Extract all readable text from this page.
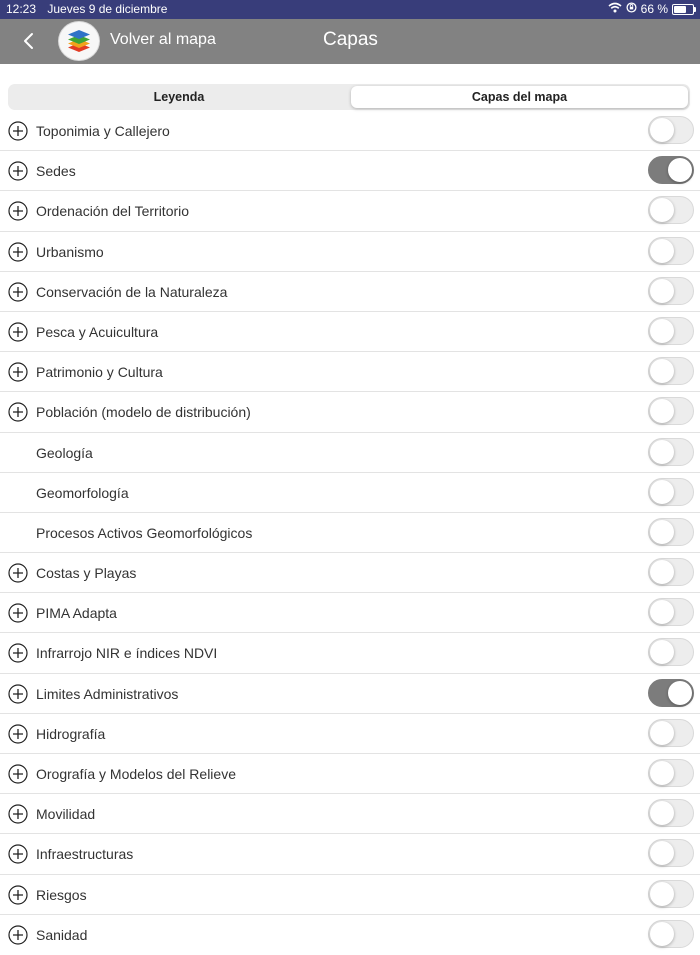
12:23 Jueves 9 de diciembre	66 %
Volver al mapa	Capas
Leyenda	Capas del mapa
Toponimia y Callejero
Sedes
Ordenación del Territorio
Urbanismo
Conservación de la Naturaleza
Pesca y Acuicultura
Patrimonio y Cultura
Población (modelo de distribución)
Geología
Geomorfología
Procesos Activos Geomorfológicos
Costas y Playas
PIMA Adapta
Infrarrojo NIR e índices NDVI
Limites Administrativos
Hidrografía
Orografía y Modelos del Relieve
Movilidad
Infraestructuras
Riesgos
Sanidad
